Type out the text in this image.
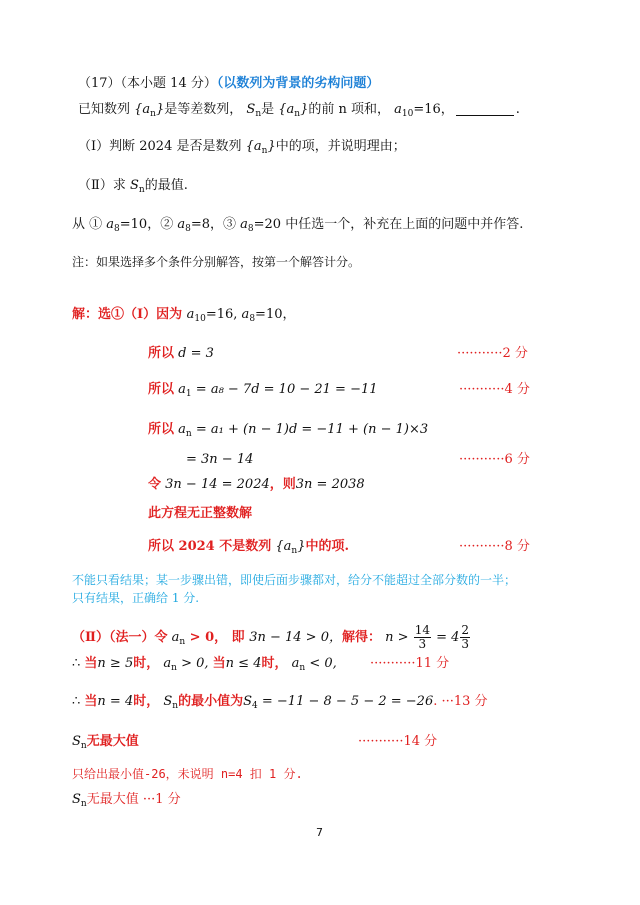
（17）（本小题 14 分）（以数列为背景的劣构问题）
已知数列 $\{a_n\}$是等差数列， $S_n$是 $\{a_n\}$的前 n 项和， $a_{10}=16$，	.
（Ⅰ）判断 2024 是否是数列 $\{a_n\}$中的项，并说明理由；
（Ⅱ）求 $S_n$的最值.
从 ① $a_8=10$，② $a_8=8$，③ $a_8=20$ 中任选一个，补充在上面的问题中并作答.
注：如果选择多个条件分别解答，按第一个解答计分。
解：选①（Ⅰ）因为 $a_{10}=16$, $a_8=10$，
所以 d = 3	···········2 分
所以 $a_1 = a_8 - 7d = 10 - 21 = -11$	···········4 分
所以 $a_n = a_1 + (n - 1)d = -11 + (n - 1)\times 3$
= 3n − 14	···········6 分
令 3n − 14 = 2024，则3n = 2038
此方程无正整数解
所以 2024 不是数列 $\{a_n\}$中的项.	···········8 分
不能只看结果；某一步骤出错，即使后面步骤都对，给分不能超过全部分数的一半；
只有结果，正确给 1 分.
（Ⅱ）（法一）令 $a_n > 0$， 即 3n − 14 > 0，解得： $n > \frac{14}{3} = 4 \frac{2}{3}$
∴ 当n ≥ 5时， $a_n > 0$, 当n ≤ 4时， $a_n < 0$,	···········11 分
∴ 当n = 4时， $S_n$的最小值为$S_4 = -11 - 8 - 5 - 2 = -26$. ···13 分
$S_n$无最大值	···········14 分
只给出最小值-26，未说明 n=4 扣 1 分.
$S_n$无最大值 ···1 分
7
